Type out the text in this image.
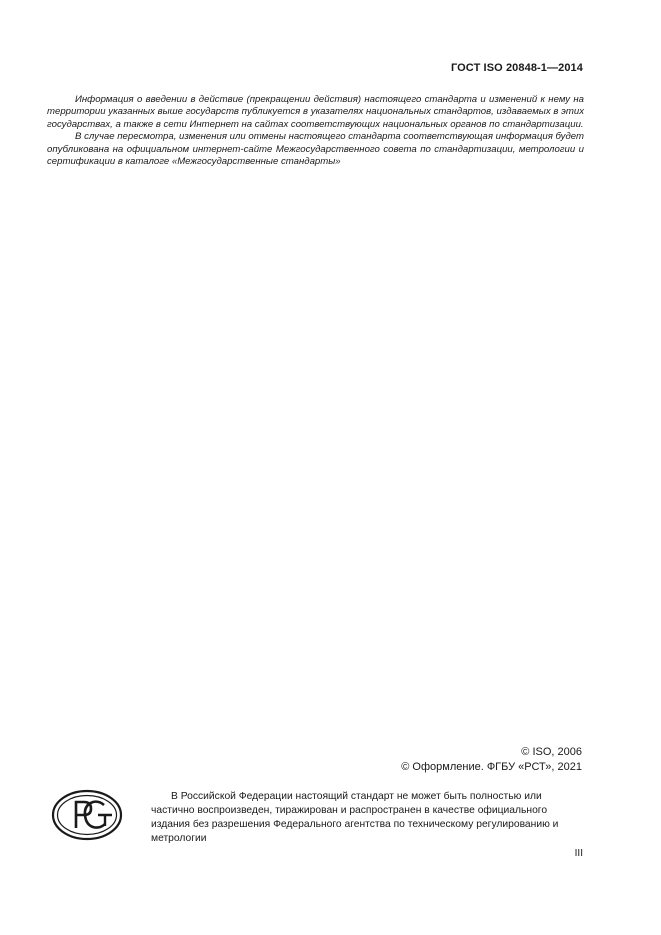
ГОСТ ISO 20848-1—2014

Информация о введении в действие (прекращении действия) настоящего стандарта и изменений к нему на территории указанных выше государств публикуется в указателях национальных стандартов, издаваемых в этих государствах, а также в сети Интернет на сайтах соответствующих национальных органов по стандартизации.

В случае пересмотра, изменения или отмены настоящего стандарта соответствующая информация будет опубликована на официальном интернет-сайте Межгосударственного совета по стандартизации, метрологии и сертификации в каталоге «Межгосударственные стандарты»

© ISO, 2006
© Оформление. ФГБУ «РСТ», 2021

В Российской Федерации настоящий стандарт не может быть полностью или частично воспроизведен, тиражирован и распространен в качестве официального издания без разрешения Федерального агентства по техническому регулированию и метрологии

III
